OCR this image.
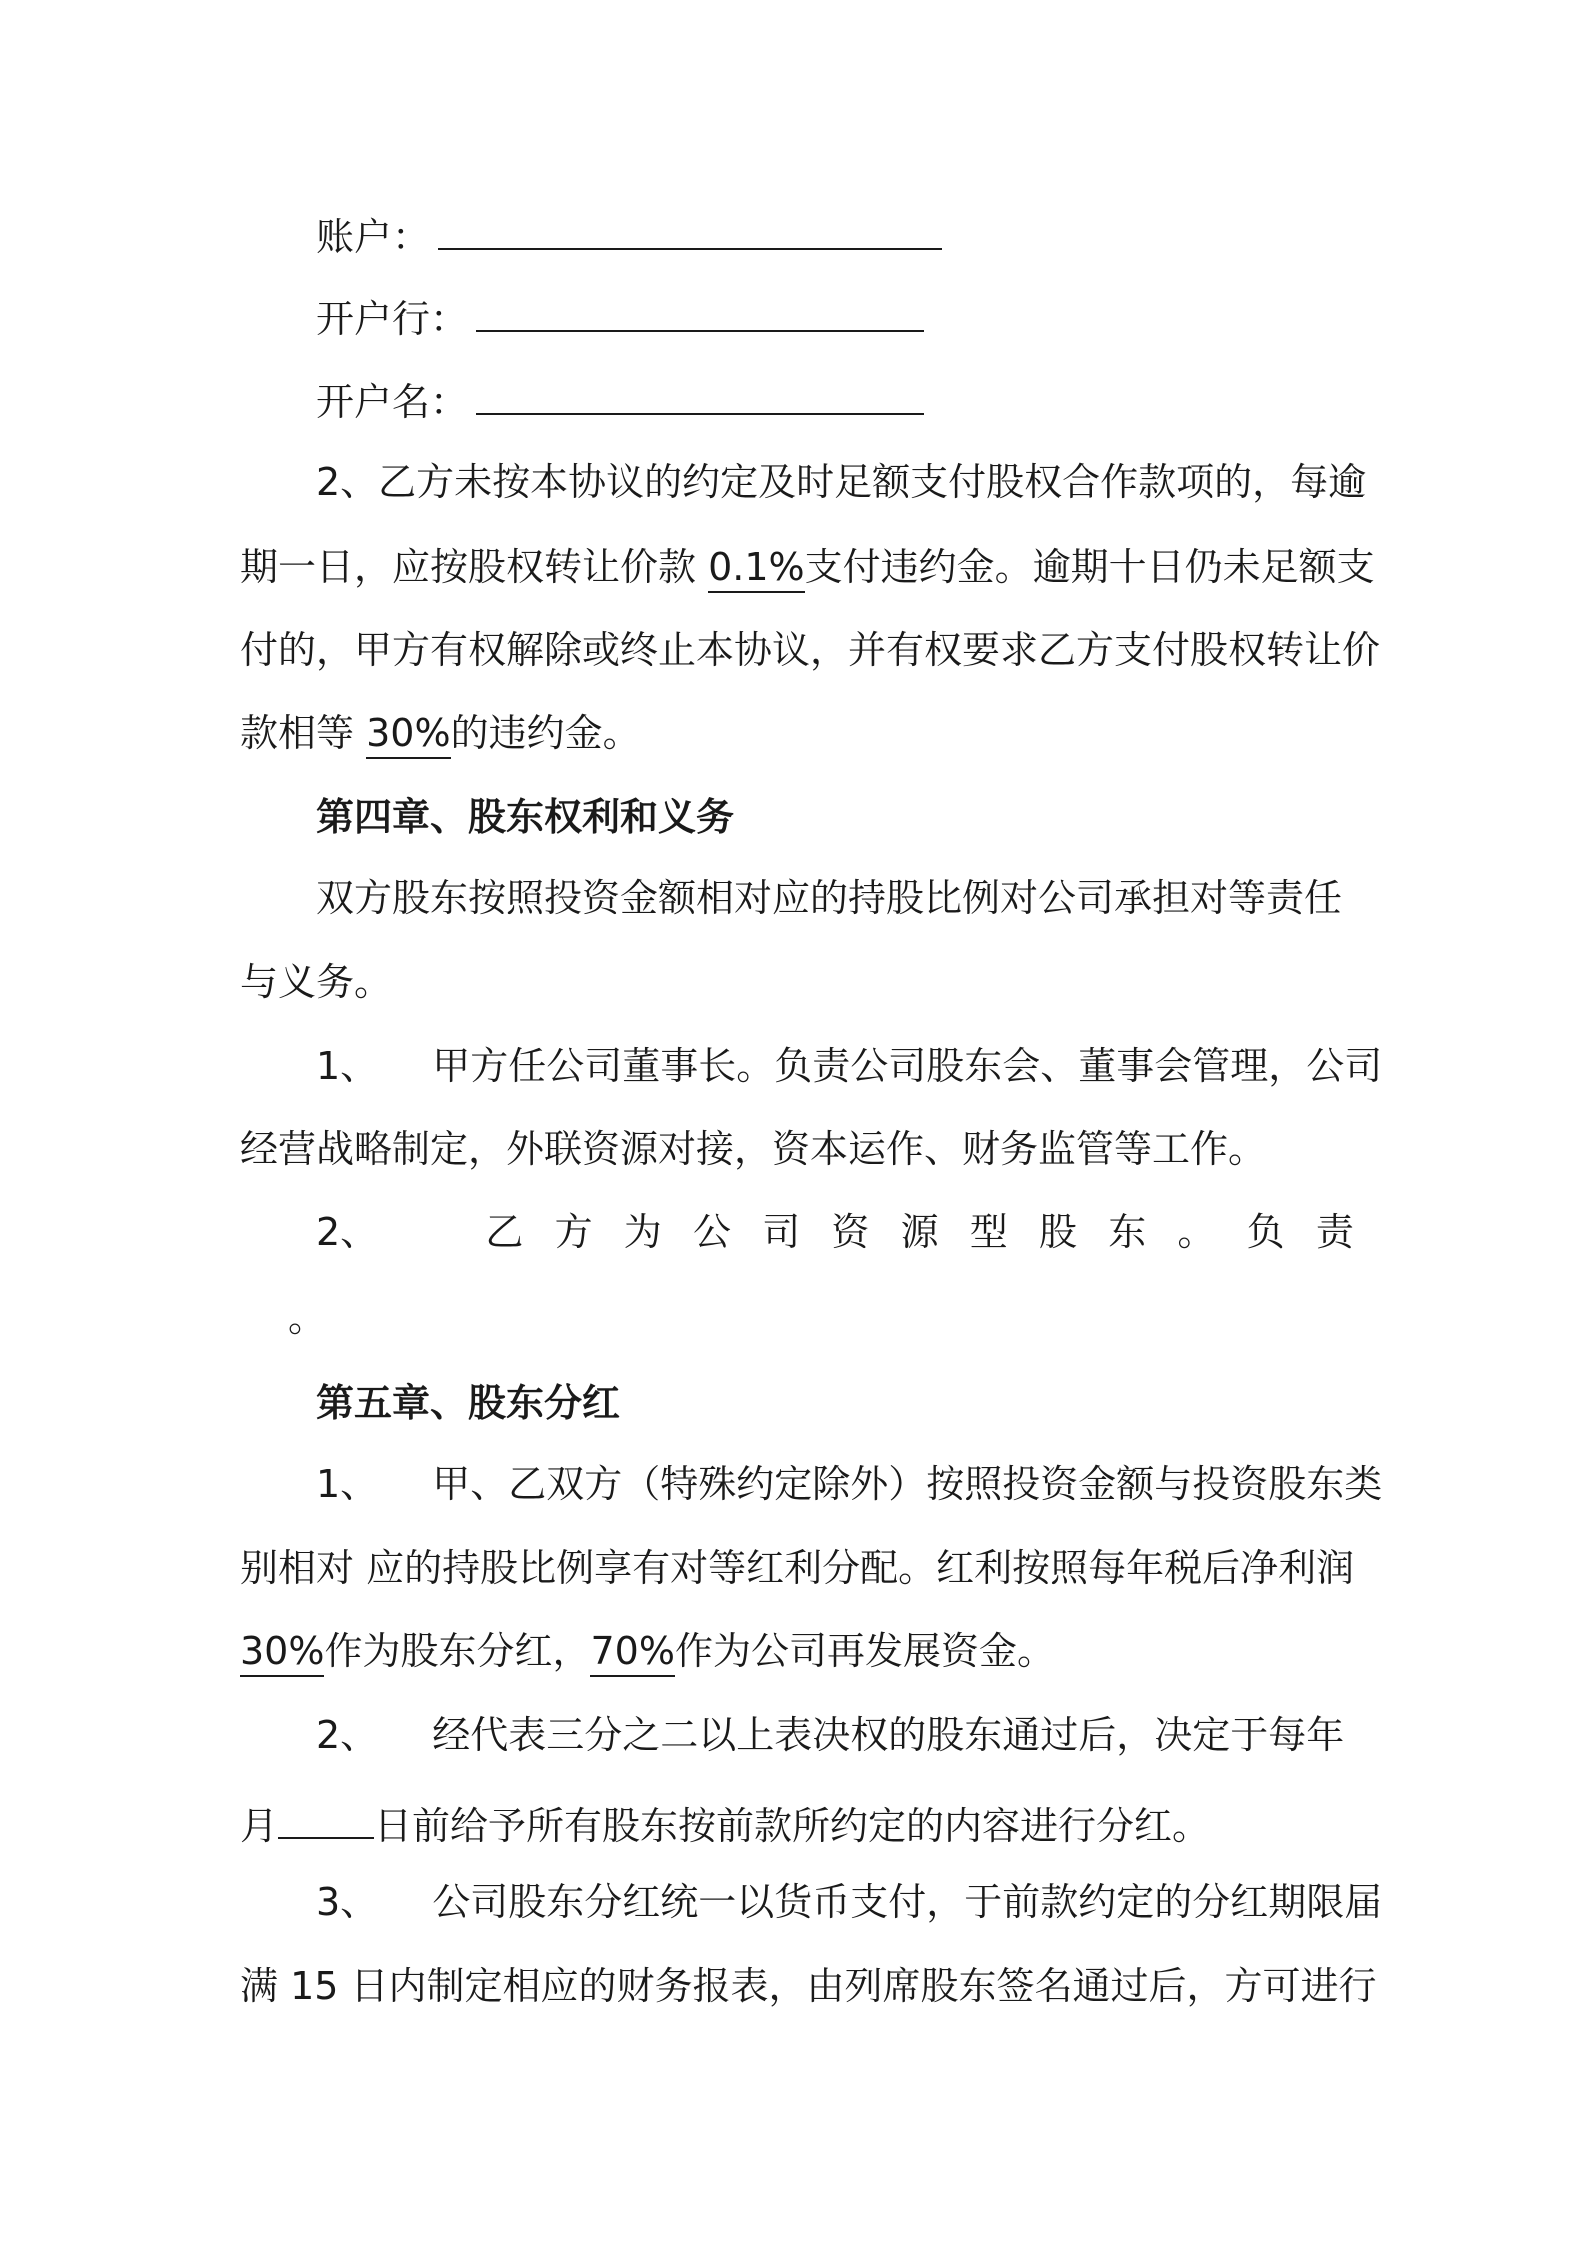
账户：
开户行：
开户名：
2、乙方未按本协议的约定及时足额支付股权合作款项的，每逾
期一日，应按股权转让价款 0.1%支付违约金。逾期十日仍未足额支
付的，甲方有权解除或终止本协议，并有权要求乙方支付股权转让价
款相等 30%的违约金。
第四章、股东权利和义务
双方股东按照投资金额相对应的持股比例对公司承担对等责任
与义务。
1、 甲方任公司董事长。负责公司股东会、董事会管理，公司
经营战略制定，外联资源对接，资本运作、财务监管等工作。
2、	乙 方 为 公 司 资 源 型 股 东 。 负 责
。
第五章、股东分红
1、 甲、乙双方（特殊约定除外）按照投资金额与投资股东类
别相对 应的持股比例享有对等红利分配。红利按照每年税后净利润
30%作为股东分红，70%作为公司再发展资金。
2、 经代表三分之二以上表决权的股东通过后，决定于每年
月	日前给予所有股东按前款所约定的内容进行分红。
3、 公司股东分红统一以货币支付，于前款约定的分红期限届
满 15 日内制定相应的财务报表，由列席股东签名通过后，方可进行
